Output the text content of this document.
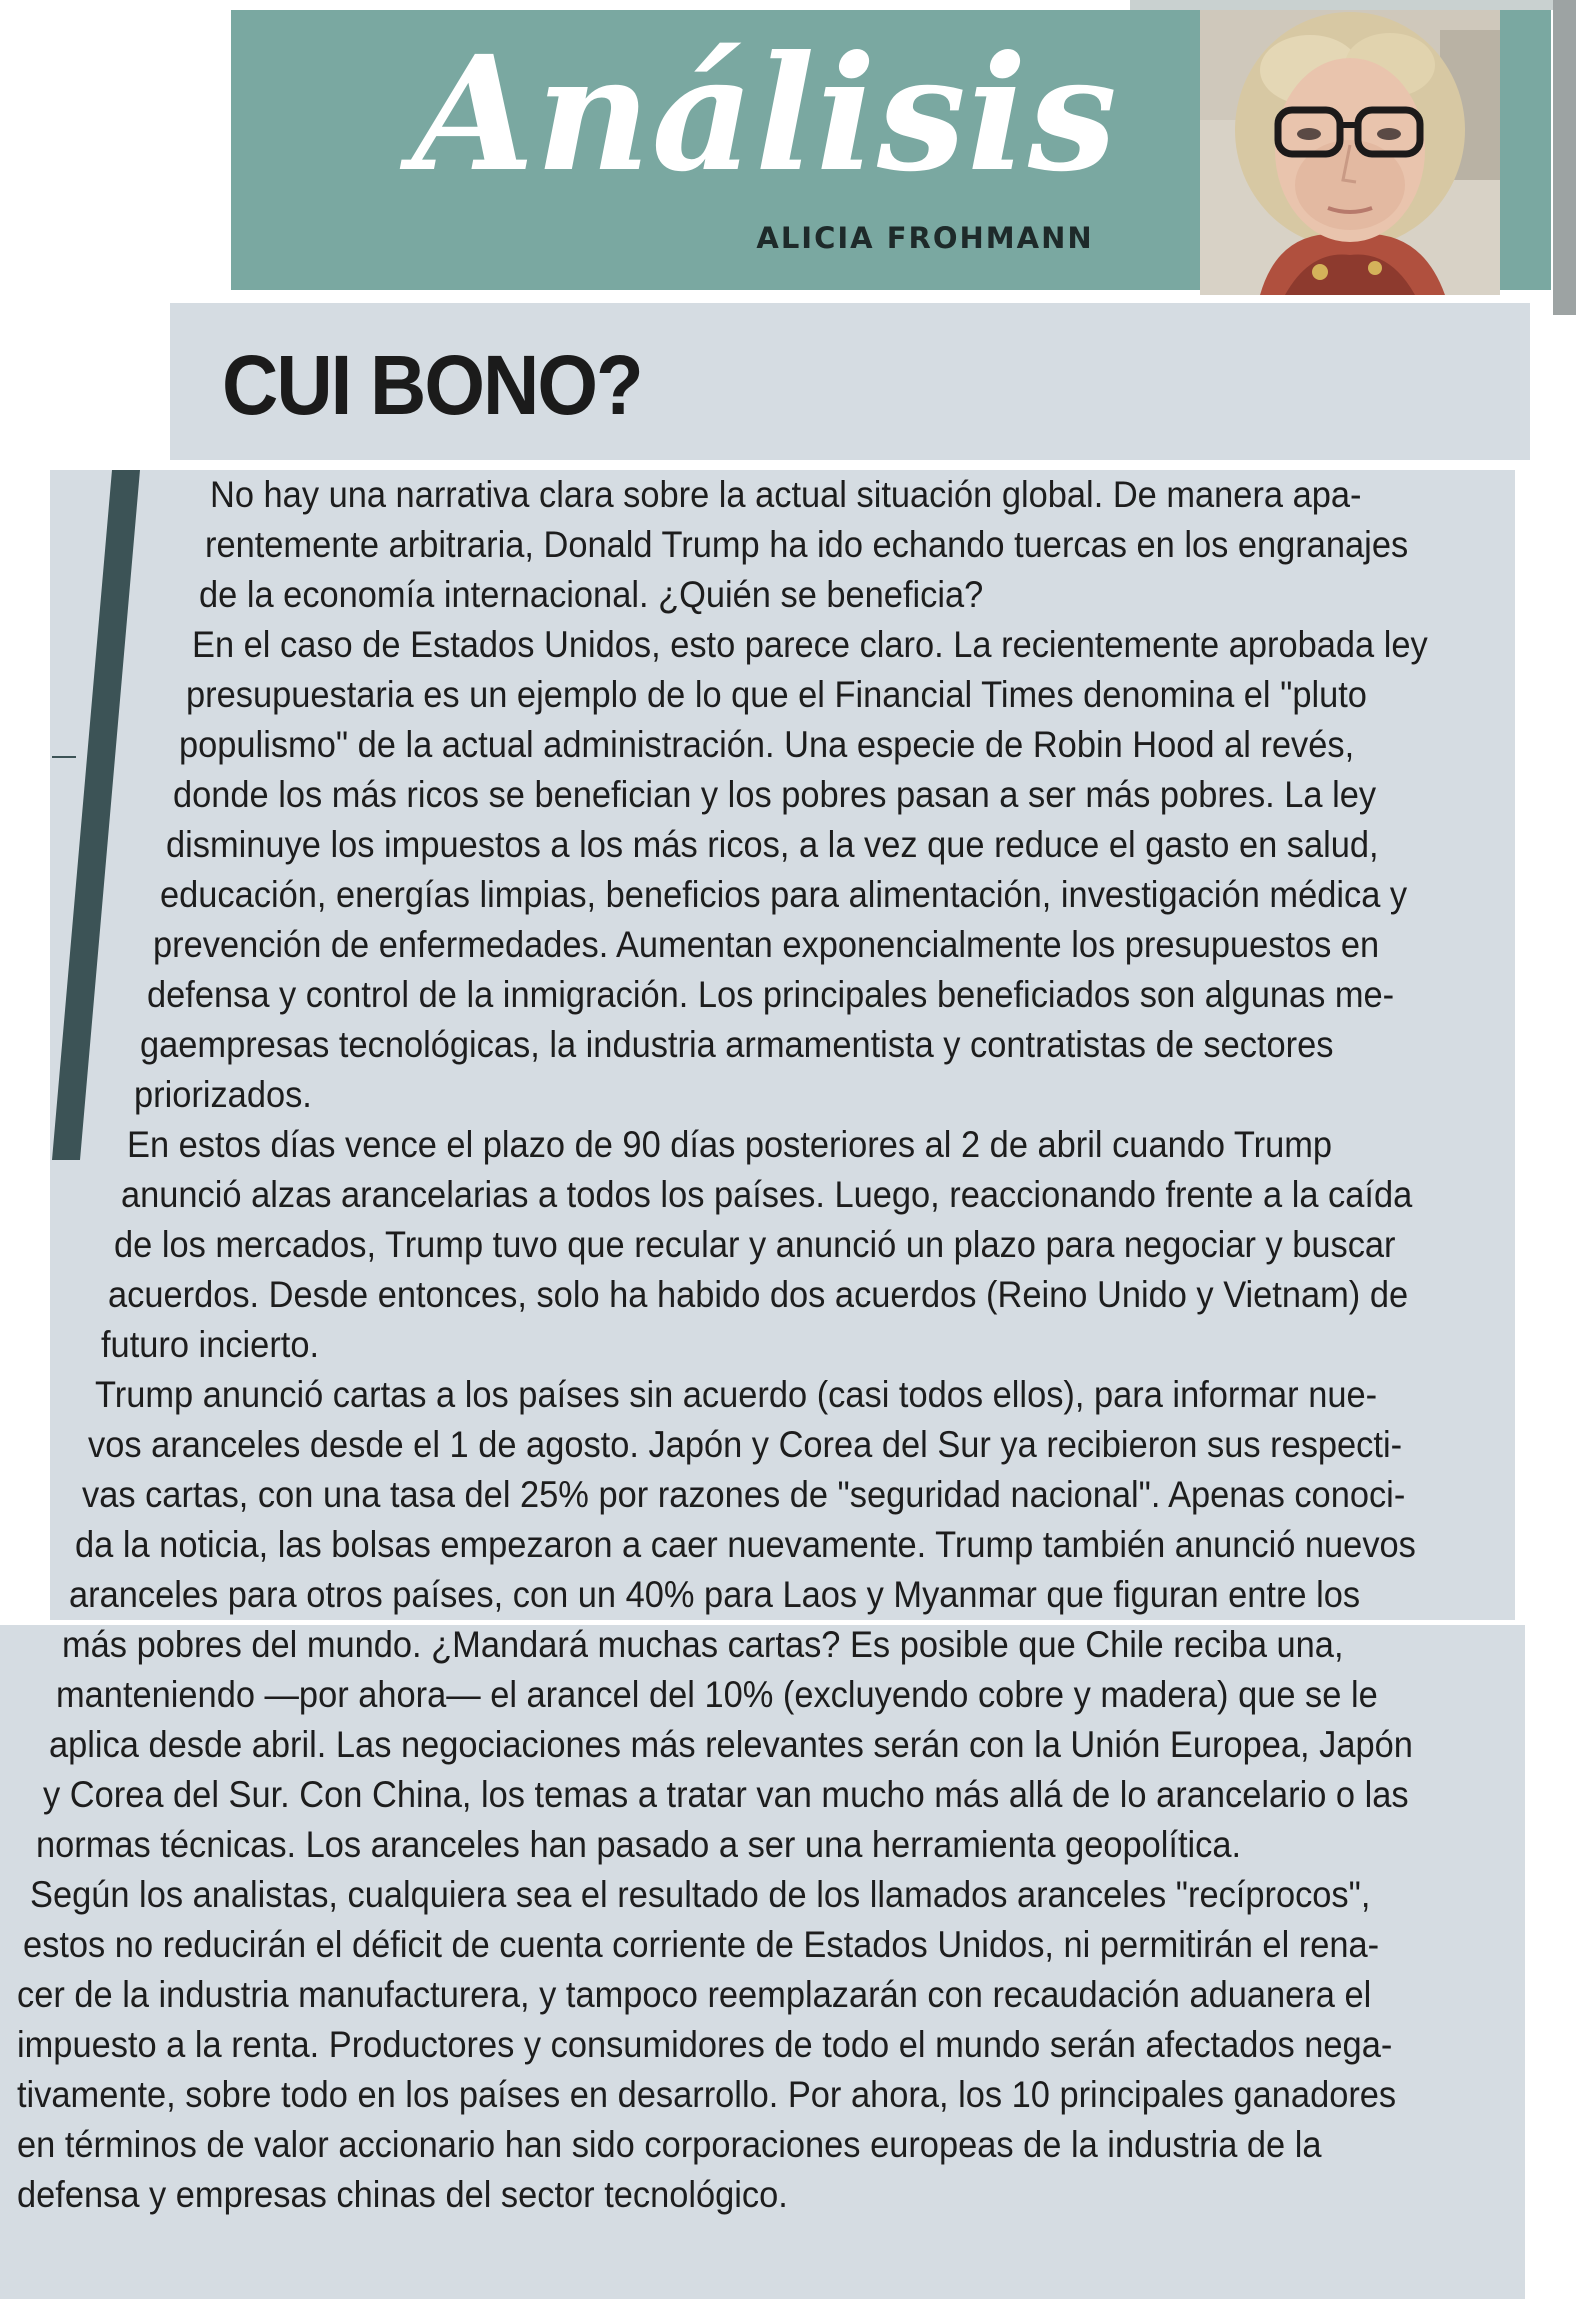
Análisis
ALICIA FROHMANN
CUI BONO?

No hay una narrativa clara sobre la actual situación global. De manera apa-

rentemente arbitraria, Donald Trump ha ido echando tuercas en los engranajes

de la economía internacional. ¿Quién se beneficia?

En el caso de Estados Unidos, esto parece claro. La recientemente aprobada ley

presupuestaria es un ejemplo de lo que el Financial Times denomina el "pluto

populismo" de la actual administración. Una especie de Robin Hood al revés,

donde los más ricos se benefician y los pobres pasan a ser más pobres. La ley

disminuye los impuestos a los más ricos, a la vez que reduce el gasto en salud,

educación, energías limpias, beneficios para alimentación, investigación médica y

prevención de enfermedades. Aumentan exponencialmente los presupuestos en

defensa y control de la inmigración. Los principales beneficiados son algunas me-

gaempresas tecnológicas, la industria armamentista y contratistas de sectores

priorizados.

En estos días vence el plazo de 90 días posteriores al 2 de abril cuando Trump

anunció alzas arancelarias a todos los países. Luego, reaccionando frente a la caída

de los mercados, Trump tuvo que recular y anunció un plazo para negociar y buscar

acuerdos. Desde entonces, solo ha habido dos acuerdos (Reino Unido y Vietnam) de

futuro incierto.

Trump anunció cartas a los países sin acuerdo (casi todos ellos), para informar nue-

vos aranceles desde el 1 de agosto. Japón y Corea del Sur ya recibieron sus respecti-

vas cartas, con una tasa del 25% por razones de "seguridad nacional". Apenas conoci-

da la noticia, las bolsas empezaron a caer nuevamente. Trump también anunció nuevos

aranceles para otros países, con un 40% para Laos y Myanmar que figuran entre los

más pobres del mundo. ¿Mandará muchas cartas? Es posible que Chile reciba una,

manteniendo —por ahora— el arancel del 10% (excluyendo cobre y madera) que se le

aplica desde abril. Las negociaciones más relevantes serán con la Unión Europea, Japón

y Corea del Sur. Con China, los temas a tratar van mucho más allá de lo arancelario o las

normas técnicas. Los aranceles han pasado a ser una herramienta geopolítica.

Según los analistas, cualquiera sea el resultado de los llamados aranceles "recíprocos",

estos no reducirán el déficit de cuenta corriente de Estados Unidos, ni permitirán el rena-

cer de la industria manufacturera, y tampoco reemplazarán con recaudación aduanera el

impuesto a la renta. Productores y consumidores de todo el mundo serán afectados nega-

tivamente, sobre todo en los países en desarrollo. Por ahora, los 10 principales ganadores

en términos de valor accionario han sido corporaciones europeas de la industria de la

defensa y empresas chinas del sector tecnológico.
